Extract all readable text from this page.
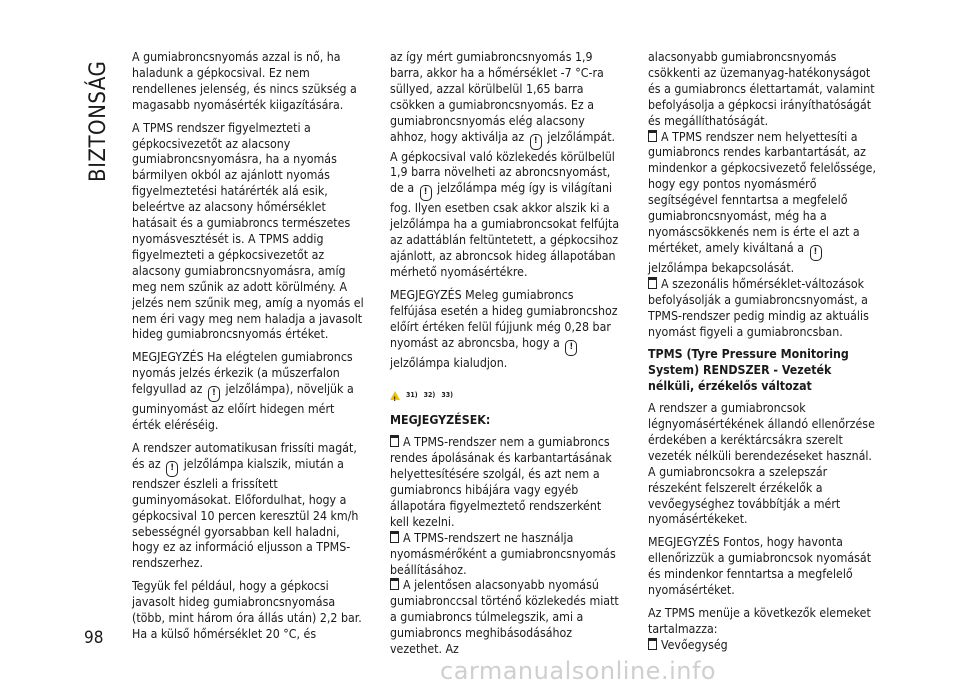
BIZTONSÁG
98

A gumiabroncsnyomás azzal is nő, ha haladunk a gépkocsival. Ez nem rendellenes jelenség, és nincs szükség a magasabb nyomásérték kiigazítására.

A TPMS rendszer figyelmezteti a gépkocsivezetőt az alacsony gumiabroncsnyomásra, ha a nyomás bármilyen okból az ajánlott nyomás figyelmeztetési határérték alá esik, beleértve az alacsony hőmérséklet hatásait és a gumiabroncs természetes nyomásvesztését is. A TPMS addig figyelmezteti a gépkocsivezetőt az alacsony gumiabroncsnyomásra, amíg meg nem szűnik az adott körülmény. A jelzés nem szűnik meg, amíg a nyomás el nem éri vagy meg nem haladja a javasolt hideg gumiabroncsnyomás értéket.

MEGJEGYZÉS Ha elégtelen gumiabroncs nyomás jelzés érkezik (a műszerfalon felgyullad az ! jelzőlámpa), növeljük a guminyomást az előírt hidegen mért érték eléréséig.

A rendszer automatikusan frissíti magát, és az ! jelzőlámpa kialszik, miután a rendszer észleli a frissített guminyomásokat. Előfordulhat, hogy a gépkocsival 10 percen keresztül 24 km/h sebességnél gyorsabban kell haladni, hogy ez az információ eljusson a TPMS-rendszerhez.

Tegyük fel például, hogy a gépkocsi javasolt hideg gumiabroncsnyomása (több, mint három óra állás után) 2,2 bar. Ha a külső hőmérséklet 20 °C, és

az így mért gumiabroncsnyomás 1,9 barra, akkor ha a hőmérséklet -7 °C-ra süllyed, azzal körülbelül 1,65 barra csökken a gumiabroncsnyomás. Ez a gumiabroncsnyomás elég alacsony ahhoz, hogy aktiválja az ! jelzőlámpát. A gépkocsival való közlekedés körülbelül 1,9 barra növelheti az abroncsnyomást, de a ! jelzőlámpa még így is világítani fog. Ilyen esetben csak akkor alszik ki a jelzőlámpa ha a gumiabroncsokat felfújta az adattáblán feltüntetett, a gépkocsihoz ajánlott, az abroncsok hideg állapotában mérhető nyomásértékre.

MEGJEGYZÉS Meleg gumiabroncs felfújása esetén a hideg gumiabroncshoz előírt értéken felül fújjunk még 0,28 bar nyomást az abroncsba, hogy a ! jelzőlámpa kialudjon.

!
31) 32) 33)

MEGJEGYZÉSEK:

A TPMS-rendszer nem a gumiabroncs rendes ápolásának és karbantartásának helyettesítésére szolgál, és azt nem a gumiabroncs hibájára vagy egyéb állapotára figyelmeztető rendszerként kell kezelni.

A TPMS-rendszert ne használja nyomásmérőként a gumiabroncsnyomás beállításához.

A jelentősen alacsonyabb nyomású gumiabronccsal történő közlekedés miatt a gumiabroncs túlmelegszik, ami a gumiabroncs meghibásodásához vezethet. Az

alacsonyabb gumiabroncsnyomás csökkenti az üzemanyag-hatékonyságot és a gumiabroncs élettartamát, valamint befolyásolja a gépkocsi irányíthatóságát és megállíthatóságát.

A TPMS rendszer nem helyettesíti a gumiabroncs rendes karbantartását, az mindenkor a gépkocsivezető felelőssége, hogy egy pontos nyomásmérő segítségével fenntartsa a megfelelő gumiabroncsnyomást, még ha a nyomáscsökkenés nem is érte el azt a mértéket, amely kiváltaná a ! jelzőlámpa bekapcsolását.

A szezonális hőmérséklet-változások befolyásolják a gumiabroncsnyomást, a TPMS-rendszer pedig mindig az aktuális nyomást figyeli a gumiabroncsban.

TPMS (Tyre Pressure Monitoring System) RENDSZER - Vezeték nélküli, érzékelős változat

A rendszer a gumiabroncsok légnyomásértékének állandó ellenőrzése érdekében a keréktárcsákra szerelt vezeték nélküli berendezéseket használ. A gumiabroncsokra a szelepszár részeként felszerelt érzékelők a vevőegységhez továbbítják a mért nyomásértékeket.

MEGJEGYZÉS Fontos, hogy havonta ellenőrizzük a gumiabroncsok nyomását és mindenkor fenntartsa a megfelelő nyomásértéket.

Az TPMS menüje a következők elemeket tartalmazza:

Vevőegység

carmanualsonline.info
